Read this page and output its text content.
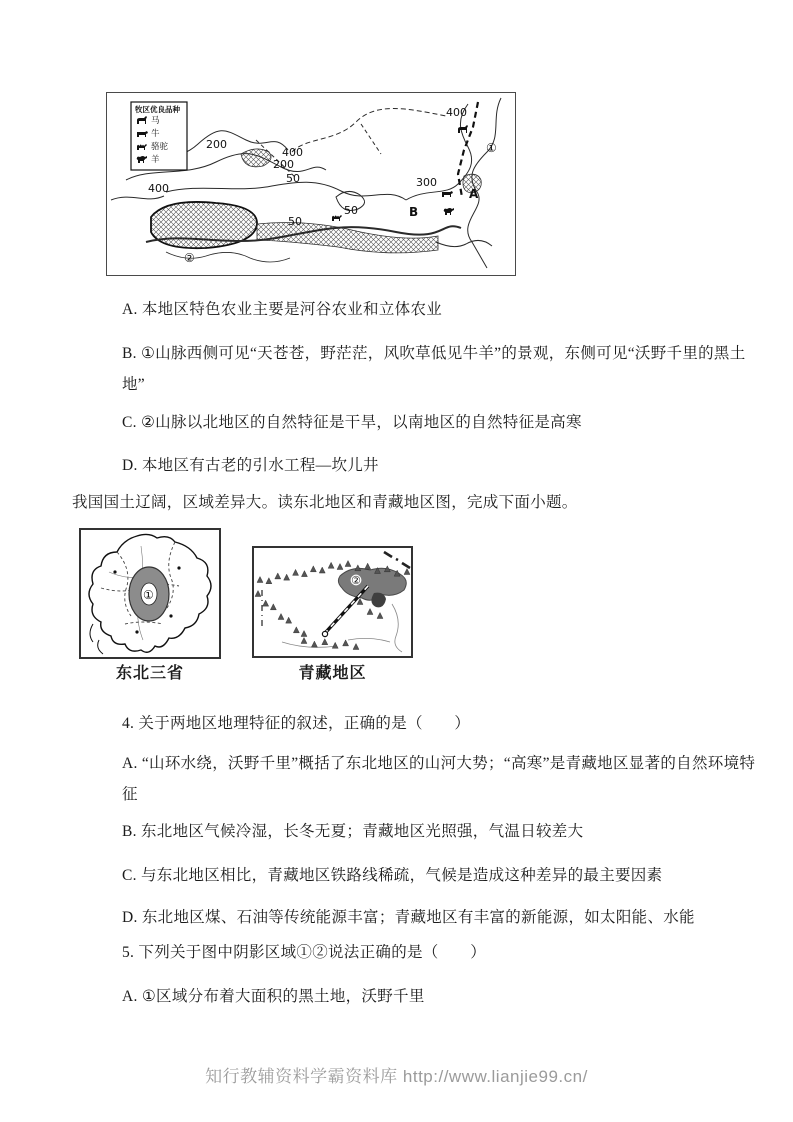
200
200
400
400
400
300
50
50
50
①
②
A
B
牧区优良品种
马
牛
骆驼
羊

A. 本地区特色农业主要是河谷农业和立体农业

B. ①山脉西侧可见“天苍苍，野茫茫，风吹草低见牛羊”的景观，东侧可见“沃野千里的黑土地”

C. ②山脉以北地区的自然特征是干旱，以南地区的自然特征是高寒

D. 本地区有古老的引水工程—坎儿井

我国国土辽阔，区域差异大。读东北地区和青藏地区图，完成下面小题。

①
东北三省
②
青藏地区

4. 关于两地区地理特征的叙述，正确的是（　　）

A. “山环水绕，沃野千里”概括了东北地区的山河大势；“高寒”是青藏地区显著的自然环境特征

B. 东北地区气候冷湿，长冬无夏；青藏地区光照强，气温日较差大

C. 与东北地区相比，青藏地区铁路线稀疏，气候是造成这种差异的最主要因素

D. 东北地区煤、石油等传统能源丰富；青藏地区有丰富的新能源，如太阳能、水能

5. 下列关于图中阴影区域①②说法正确的是（　　）

A. ①区域分布着大面积的黑土地，沃野千里

知行教辅资料学霸资料库 http://www.lianjie99.cn/
